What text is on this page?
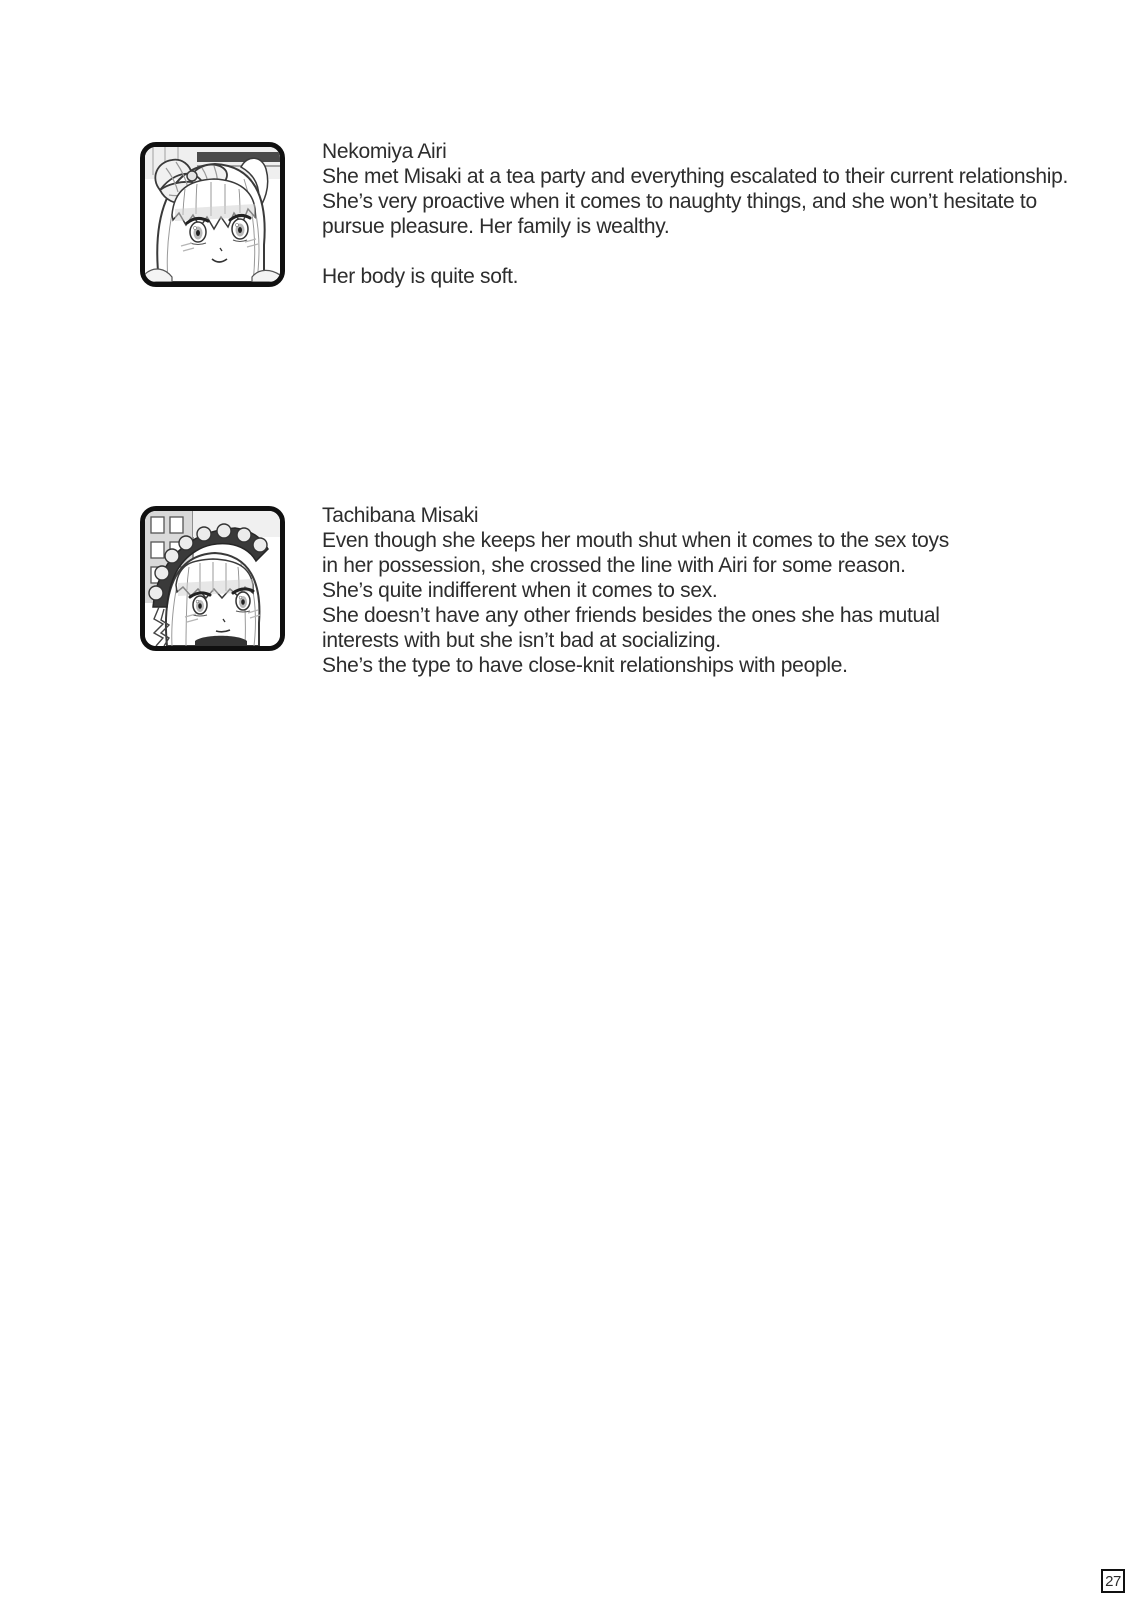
Nekomiya Airi
She met Misaki at a tea party and everything escalated to their current relationship.
She’s very proactive when it comes to naughty things, and she won’t hesitate to
pursue pleasure. Her family is wealthy.
Her body is quite soft.
Tachibana Misaki
Even though she keeps her mouth shut when it comes to the sex toys
in her possession, she crossed the line with Airi for some reason.
She’s quite indifferent when it comes to sex.
She doesn’t have any other friends besides the ones she has mutual
interests with but she isn’t bad at socializing.
She’s the type to have close-knit relationships with people.
27
